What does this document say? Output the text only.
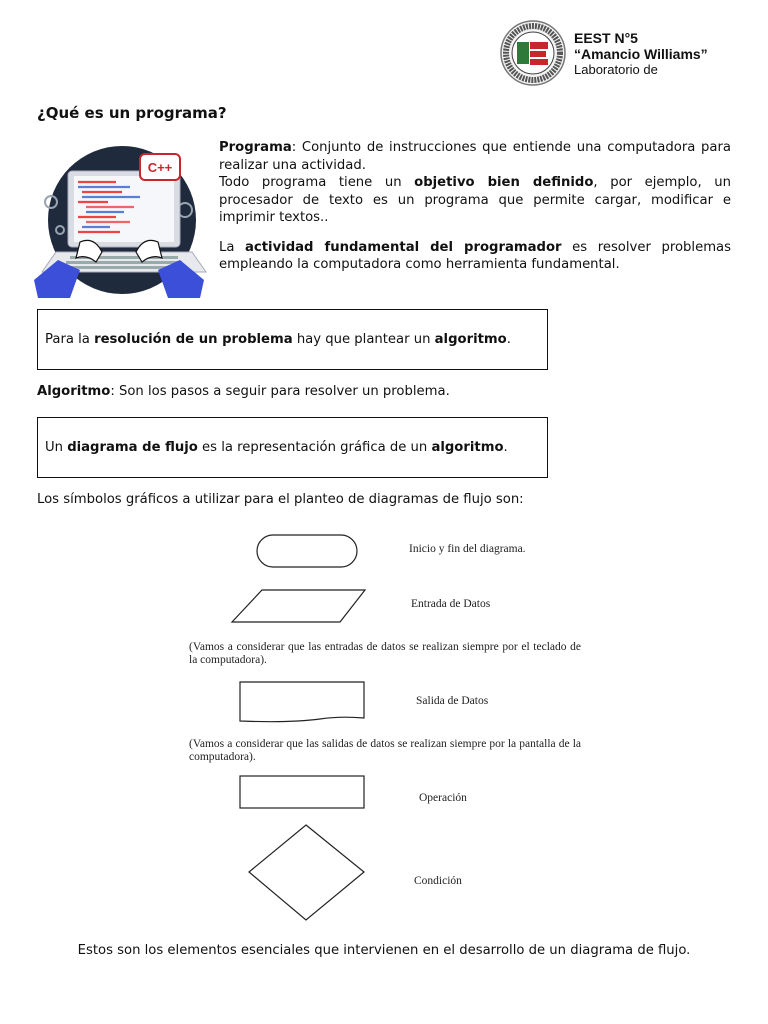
EEST N°5
“Amancio Williams”
Laboratorio de
¿Qué es un programa?
C++

Programa: Conjunto de instrucciones que entiende una computadora para realizar una actividad.
Todo programa tiene un objetivo bien definido, por ejemplo, un procesador de texto es un programa que permite cargar, modificar e imprimir textos..

La actividad fundamental del programador es resolver problemas empleando la computadora como herramienta fundamental.

Para la resolución de un problema hay que plantear un algoritmo.
Algoritmo: Son los pasos a seguir para resolver un problema.
Un diagrama de flujo es la representación gráfica de un algoritmo.
Los símbolos gráficos a utilizar para el planteo de diagramas de flujo son:
Inicio y fin del diagrama.
Entrada de Datos
(Vamos a considerar que las entradas de datos se realizan siempre por el teclado de la computadora).
Salida de Datos
(Vamos a considerar que las salidas de datos se realizan siempre por la pantalla de la computadora).
Operación
Condición
Estos son los elementos esenciales que intervienen en el desarrollo de un diagrama de flujo.
